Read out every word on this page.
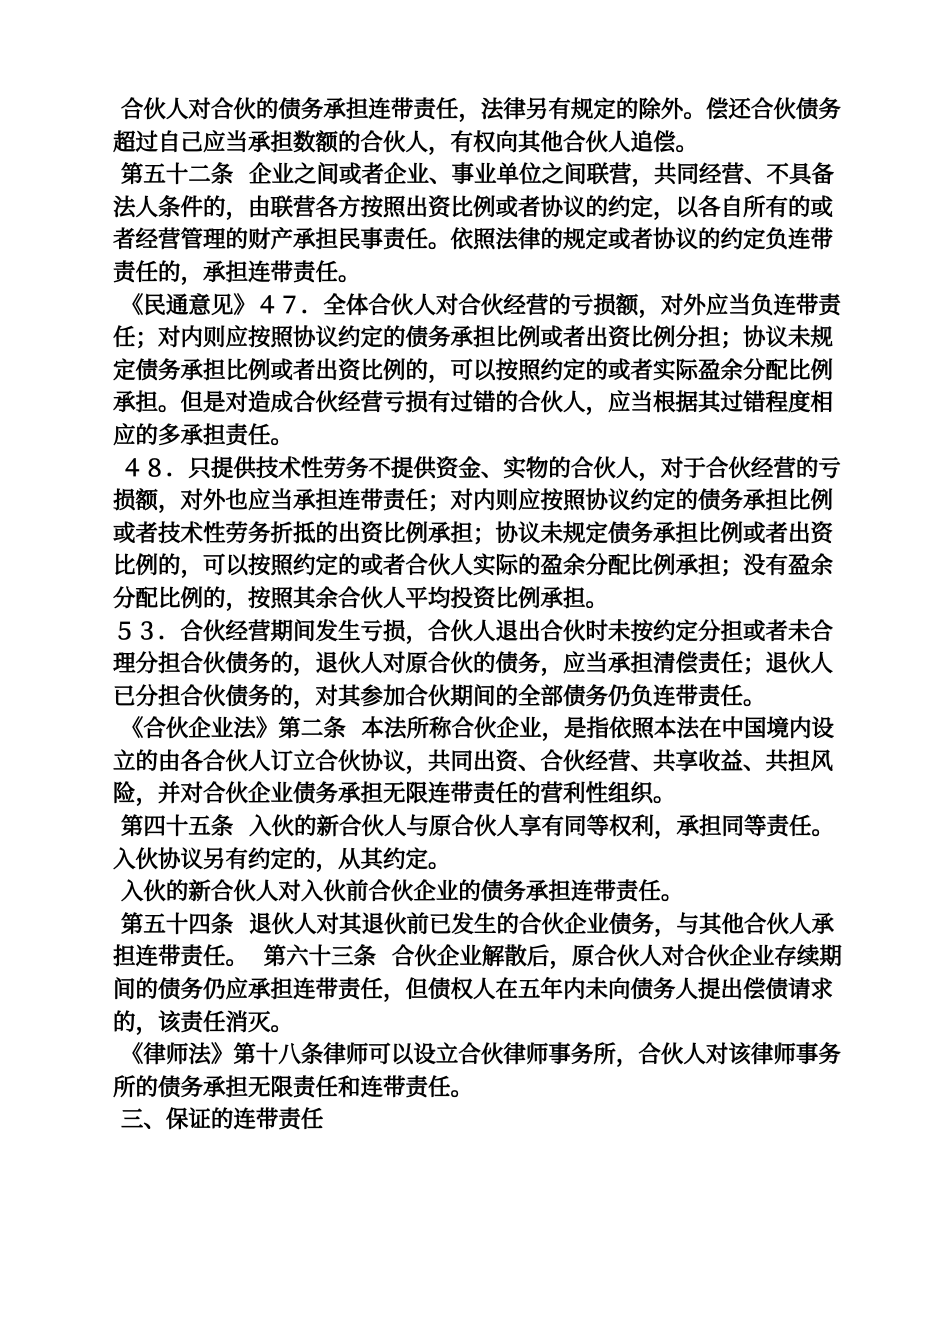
合伙人对合伙的债务承担连带责任，法律另有规定的除外。偿还合伙债务超过自己应当承担数额的合伙人，有权向其他合伙人追偿。

第五十二条  企业之间或者企业、事业单位之间联营，共同经营、不具备法人条件的，由联营各方按照出资比例或者协议的约定，以各自所有的或者经营管理的财产承担民事责任。依照法律的规定或者协议的约定负连带责任的，承担连带责任。

《民通意见》４７．全体合伙人对合伙经营的亏损额，对外应当负连带责任；对内则应按照协议约定的债务承担比例或者出资比例分担；协议未规定债务承担比例或者出资比例的，可以按照约定的或者实际盈余分配比例承担。但是对造成合伙经营亏损有过错的合伙人，应当根据其过错程度相应的多承担责任。

４８．只提供技术性劳务不提供资金、实物的合伙人，对于合伙经营的亏损额，对外也应当承担连带责任；对内则应按照协议约定的债务承担比例或者技术性劳务折抵的出资比例承担；协议未规定债务承担比例或者出资比例的，可以按照约定的或者合伙人实际的盈余分配比例承担；没有盈余分配比例的，按照其余合伙人平均投资比例承担。

５３．合伙经营期间发生亏损，合伙人退出合伙时未按约定分担或者未合理分担合伙债务的，退伙人对原合伙的债务，应当承担清偿责任；退伙人已分担合伙债务的，对其参加合伙期间的全部债务仍负连带责任。

《合伙企业法》第二条  本法所称合伙企业，是指依照本法在中国境内设立的由各合伙人订立合伙协议，共同出资、合伙经营、共享收益、共担风险，并对合伙企业债务承担无限连带责任的营利性组织。

第四十五条  入伙的新合伙人与原合伙人享有同等权利，承担同等责任。入伙协议另有约定的，从其约定。

入伙的新合伙人对入伙前合伙企业的债务承担连带责任。

第五十四条  退伙人对其退伙前已发生的合伙企业债务，与其他合伙人承担连带责任。  第六十三条  合伙企业解散后，原合伙人对合伙企业存续期间的债务仍应承担连带责任，但债权人在五年内未向债务人提出偿债请求的，该责任消灭。

《律师法》第十八条律师可以设立合伙律师事务所，合伙人对该律师事务所的债务承担无限责任和连带责任。

三、保证的连带责任
